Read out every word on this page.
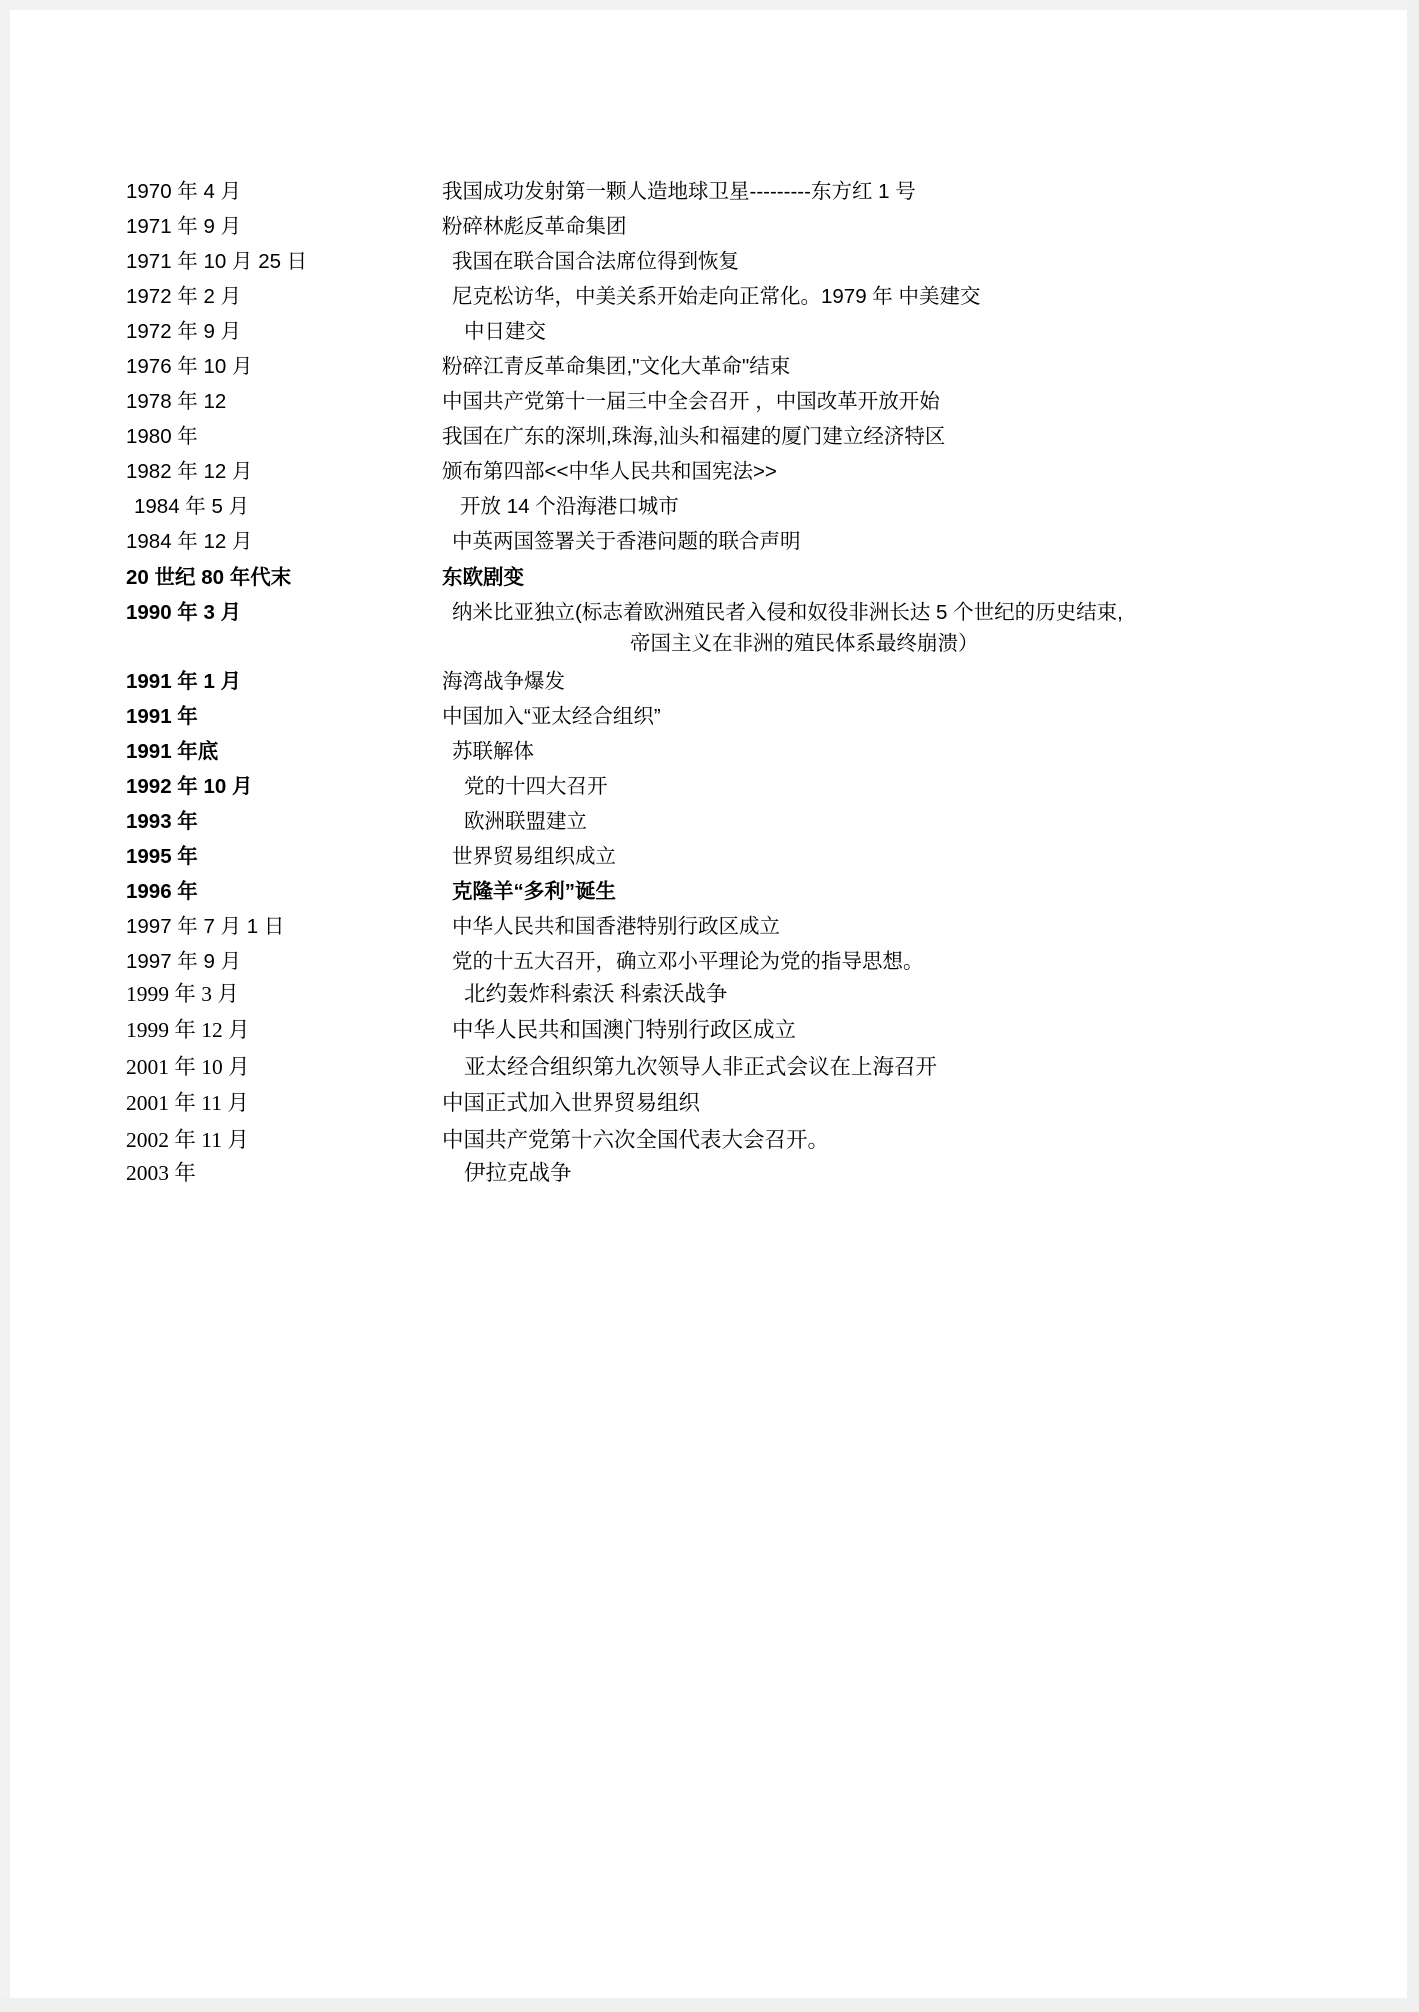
1970 年 4 月	我国成功发射第一颗人造地球卫星---------东方红 1 号
1971 年 9 月	粉碎林彪反革命集团
1971 年 10 月 25 日	我国在联合国合法席位得到恢复
1972 年 2 月	尼克松访华，中美关系开始走向正常化。1979 年 中美建交
1972 年 9 月	中日建交
1976 年 10 月	粉碎江青反革命集团,"文化大革命"结束
1978 年 12	中国共产党第十一届三中全会召开 ，中国改革开放开始
1980 年	我国在广东的深圳,珠海,汕头和福建的厦门建立经济特区
1982 年 12 月	颁布第四部<<中华人民共和国宪法>>
1984 年 5 月	开放 14 个沿海港口城市
1984 年 12 月	中英两国签署关于香港问题的联合声明
20 世纪 80 年代末	东欧剧变
1990 年 3 月	纳米比亚独立(标志着欧洲殖民者入侵和奴役非洲长达 5 个世纪的历史结束,
帝国主义在非洲的殖民体系最终崩溃）
1991 年 1 月	海湾战争爆发
1991 年	中国加入“亚太经合组织”
1991 年底	苏联解体
1992 年 10 月	党的十四大召开
1993 年	欧洲联盟建立
1995 年	世界贸易组织成立
1996 年	克隆羊“多利”诞生
1997 年 7 月 1 日	中华人民共和国香港特别行政区成立
1997 年 9 月	党的十五大召开，确立邓小平理论为党的指导思想。
1999 年 3 月	北约轰炸科索沃 科索沃战争
1999 年 12 月	中华人民共和国澳门特别行政区成立
2001 年 10 月	亚太经合组织第九次领导人非正式会议在上海召开
2001 年 11 月	中国正式加入世界贸易组织
2002 年 11 月	中国共产党第十六次全国代表大会召开。
2003 年	伊拉克战争
